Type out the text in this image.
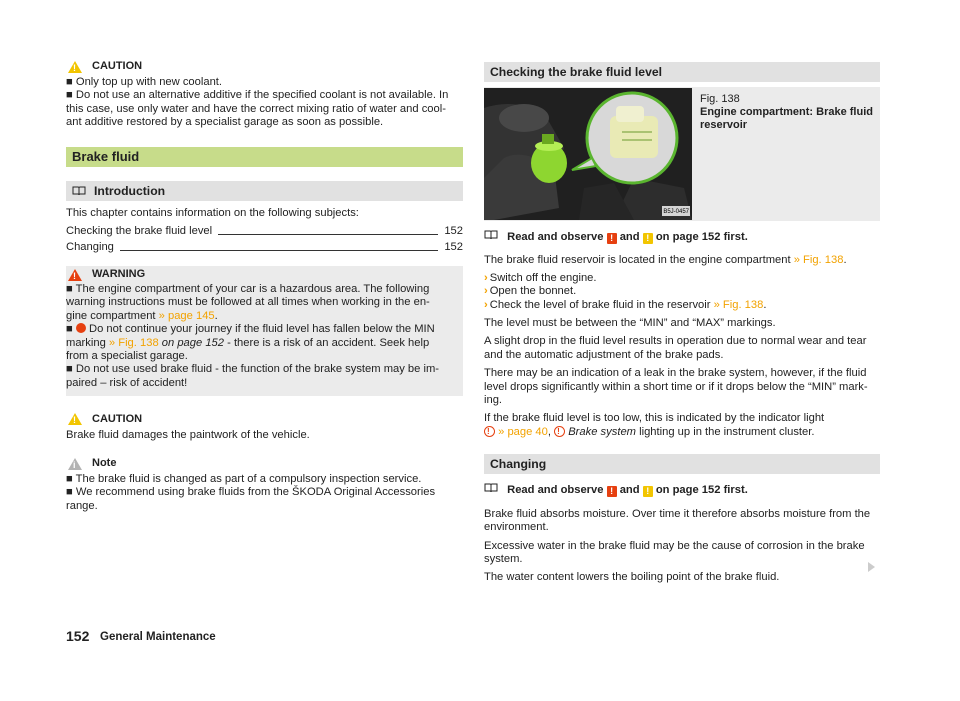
! CAUTION

■ Only top up with new coolant.

■ Do not use an alternative additive if the specified coolant is not available. In

this case, use only water and have the correct mixing ratio of water and cool-

ant additive restored by a specialist garage as soon as possible.

Brake fluid
Introduction

This chapter contains information on the following subjects:

Checking the brake fluid level	152
Changing	152
! WARNING

■ The engine compartment of your car is a hazardous area. The following

warning instructions must be followed at all times when working in the en-

gine compartment » page 145.

■  Do not continue your journey if the fluid level has fallen below the MIN

marking » Fig. 138 on page 152 - there is a risk of an accident. Seek help

from a specialist garage.

■ Do not use used brake fluid - the function of the brake system may be im-

paired – risk of accident!

! CAUTION

Brake fluid damages the paintwork of the vehicle.

i Note

■ The brake fluid is changed as part of a compulsory inspection service.

■ We recommend using brake fluids from the ŠKODA Original Accessories

range.

Checking the brake fluid level
B5J-0457

Fig. 138

Engine compartment: Brake fluid

reservoir

Read and observe ! and ! on page 152 first.

The brake fluid reservoir is located in the engine compartment » Fig. 138.

› Switch off the engine.

› Open the bonnet.

› Check the level of brake fluid in the reservoir » Fig. 138.

The level must be between the “MIN” and “MAX” markings.

A slight drop in the fluid level results in operation due to normal wear and tear

and the automatic adjustment of the brake pads.

There may be an indication of a leak in the brake system, however, if the fluid

level drops significantly within a short time or if it drops below the “MIN” mark-

ing.

If the brake fluid level is too low, this is indicated by the indicator light

! » page 40, ! Brake system lighting up in the instrument cluster.

Changing

Read and observe ! and ! on page 152 first.

Brake fluid absorbs moisture. Over time it therefore absorbs moisture from the

environment.

Excessive water in the brake fluid may be the cause of corrosion in the brake

system.

The water content lowers the boiling point of the brake fluid.

152 General Maintenance
